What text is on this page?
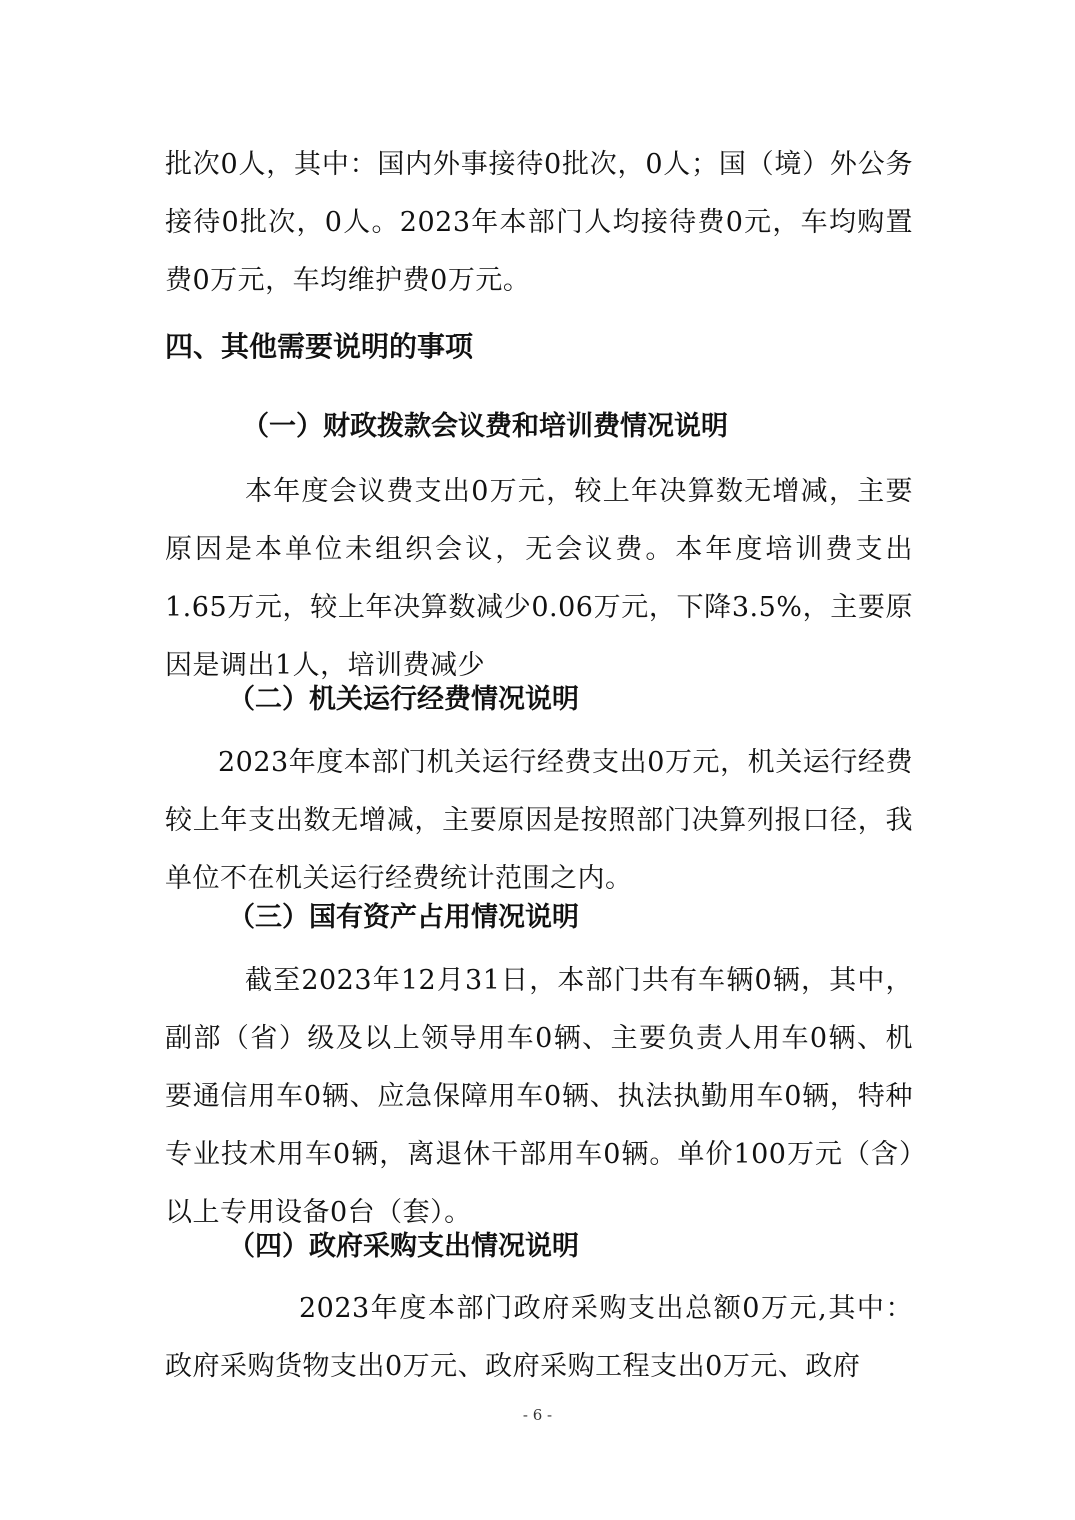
批次0人，其中：国内外事接待0批次，0人；国（境）外公务接待0批次，0人。2023年本部门人均接待费0元，车均购置费0万元，车均维护费0万元。

四、其他需要说明的事项
（一）财政拨款会议费和培训费情况说明

本年度会议费支出0万元，较上年决算数无增减，主要原因是本单位未组织会议，无会议费。本年度培训费支出1.65万元，较上年决算数减少0.06万元，下降3.5%，主要原因是调出1人，培训费减少

（二）机关运行经费情况说明

2023年度本部门机关运行经费支出0万元，机关运行经费较上年支出数无增减，主要原因是按照部门决算列报口径，我单位不在机关运行经费统计范围之内。

（三）国有资产占用情况说明

截至2023年12月31日，本部门共有车辆0辆，其中，副部（省）级及以上领导用车0辆、主要负责人用车0辆、机要通信用车0辆、应急保障用车0辆、执法执勤用车0辆，特种专业技术用车0辆，离退休干部用车0辆。单价100万元（含）以上专用设备0台（套）。

（四）政府采购支出情况说明

2023年度本部门政府采购支出总额0万元,其中：政府采购货物支出0万元、政府采购工程支出0万元、政府

- 6 -
